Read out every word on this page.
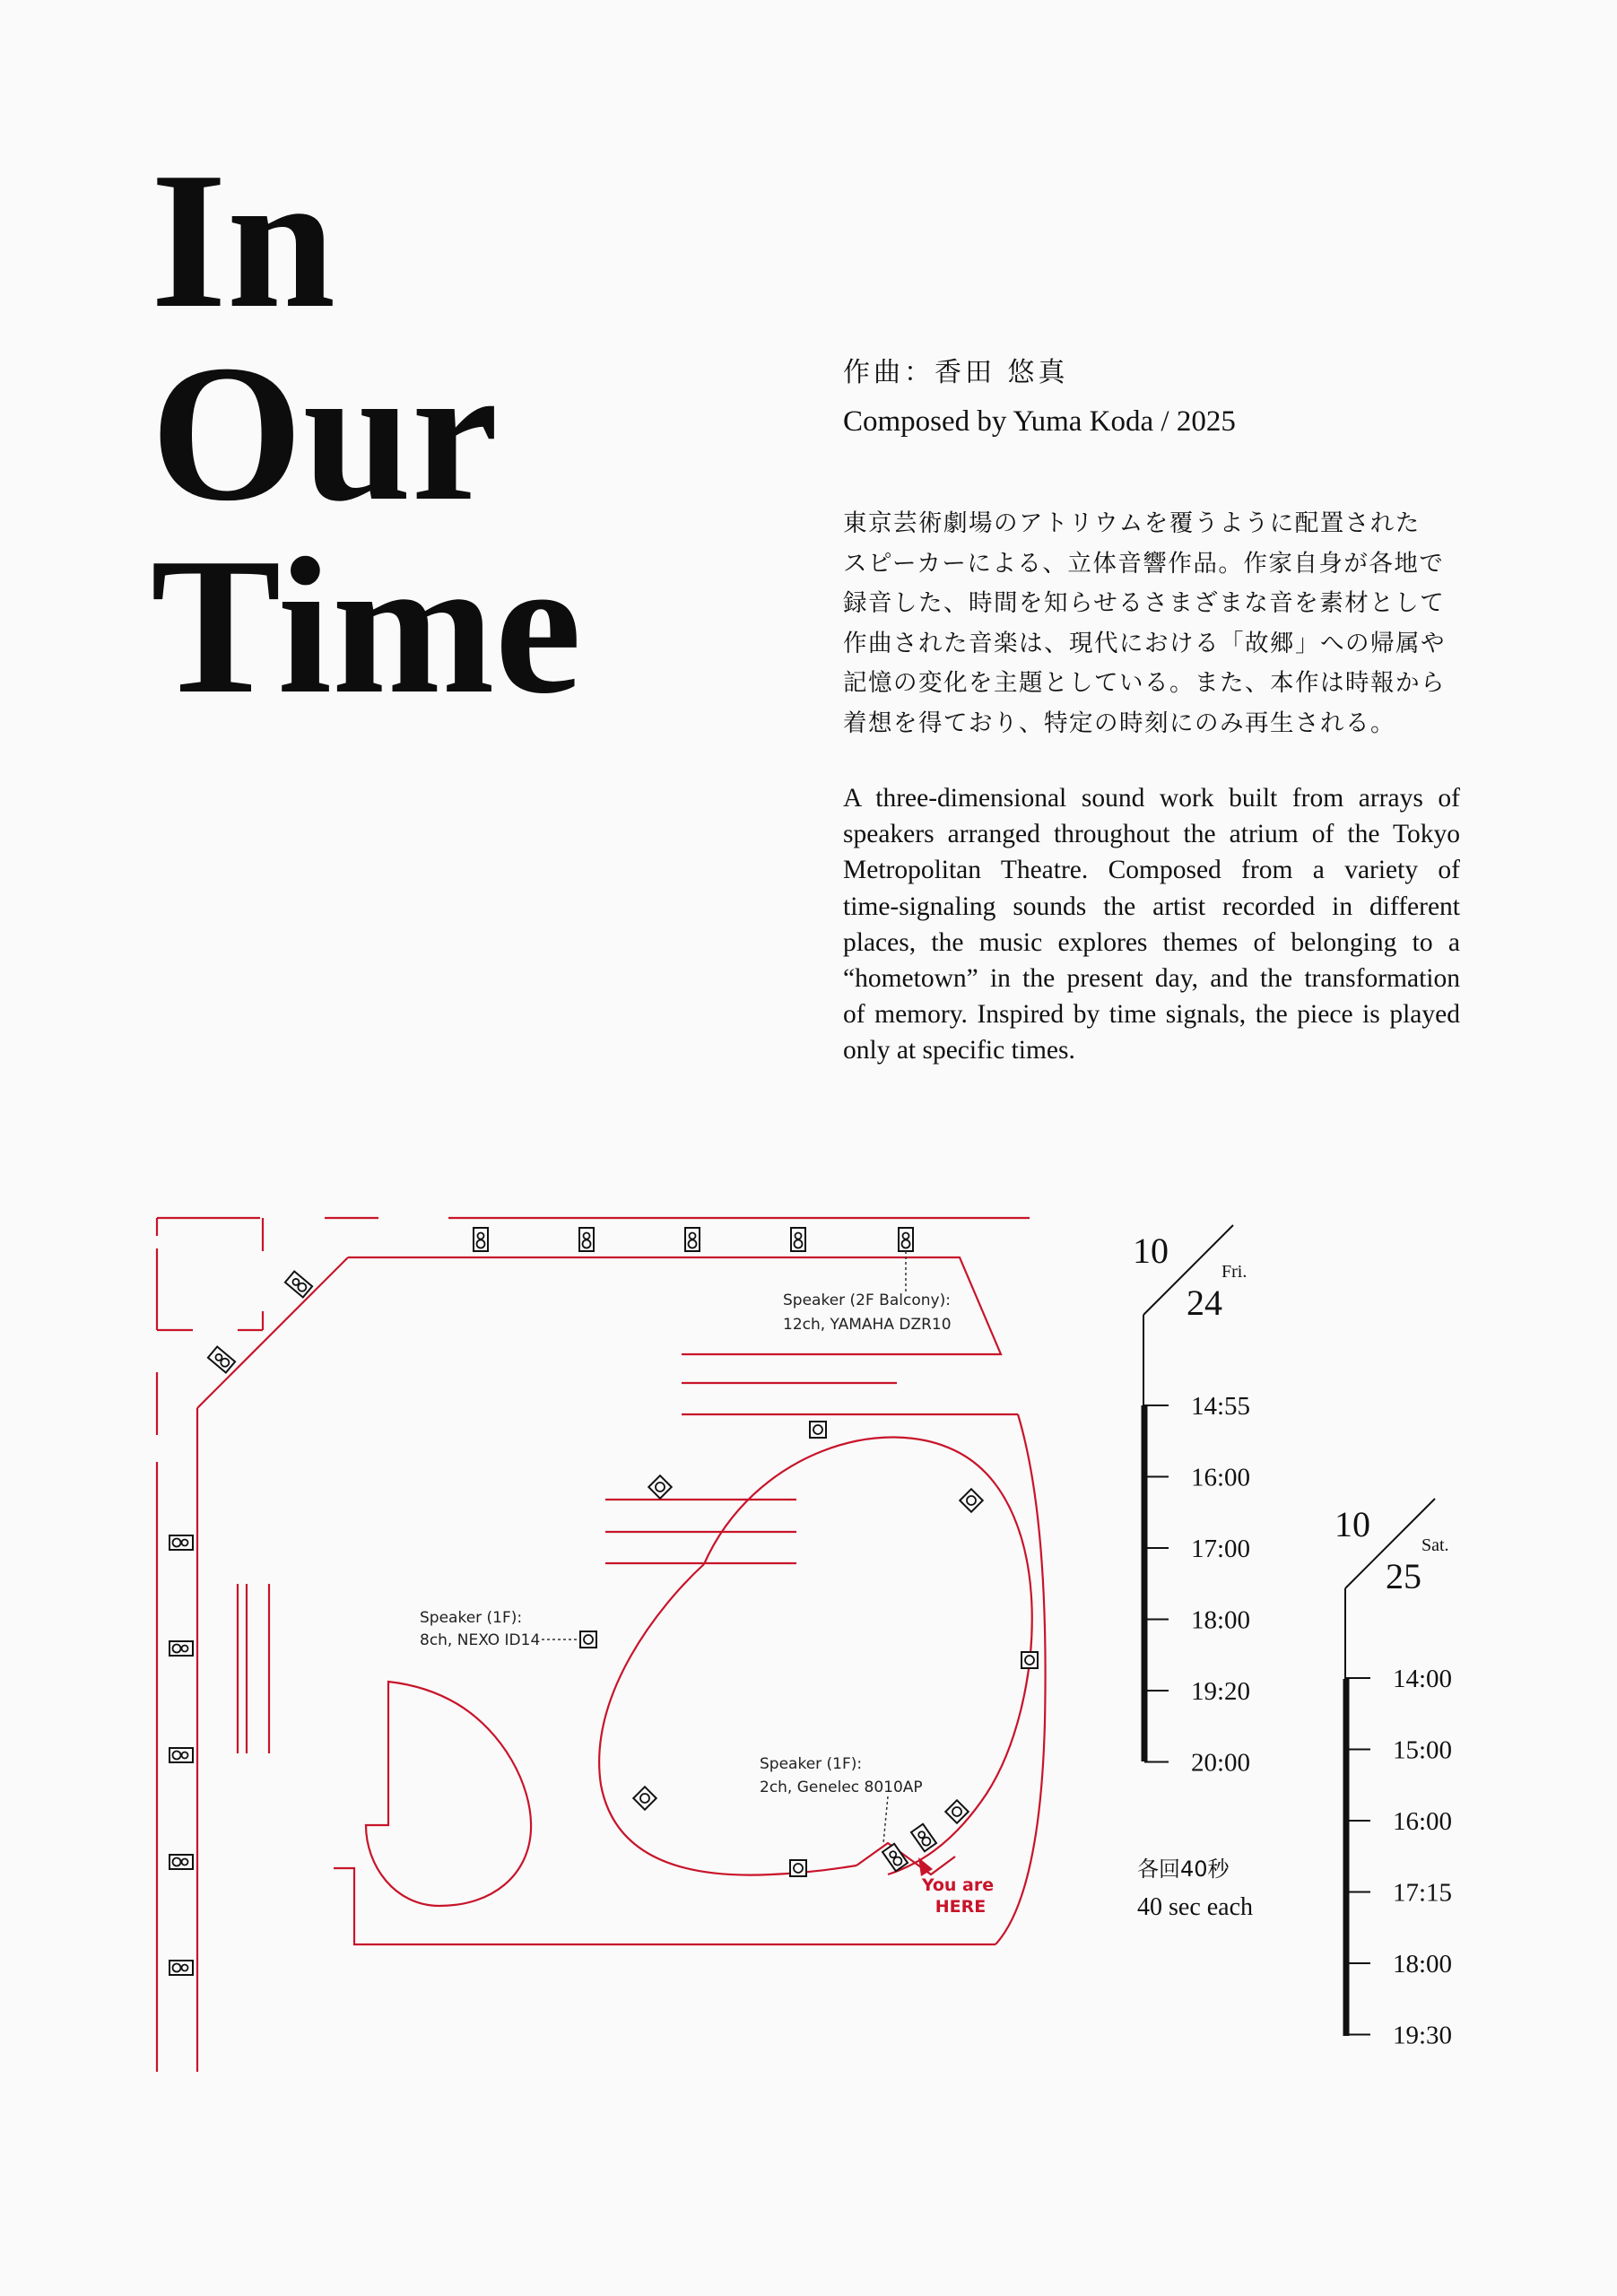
In
Our
Time
作曲：香田 悠真
Composed by Yuma Koda / 2025
東京芸術劇場のアトリウムを覆うように配置された
スピーカーによる、立体音響作品。作家自身が各地で
録音した、時間を知らせるさまざまな音を素材として
作曲された音楽は、現代における「故郷」への帰属や
記憶の変化を主題としている。また、本作は時報から
着想を得ており、特定の時刻にのみ再生される。
A three-dimensional sound work built from arrays of
speakers arranged throughout the atrium of the Tokyo
Metropolitan Theatre. Composed from a variety of
time-signaling sounds the artist recorded in different
places, the music explores themes of belonging to a
“hometown” in the present day, and the transformation
of memory. Inspired by time signals, the piece is played
only at specific times.
Speaker (2F Balcony):
12ch, YAMAHA DZR10
Speaker (1F):
8ch, NEXO ID14
Speaker (1F):
2ch, Genelec 8010AP
You are
HERE
10
Fri.
24
14:55
16:00
17:00
18:00
19:20
20:00
10
Sat.
25
14:00
15:00
16:00
17:15
18:00
19:30
各回40秒
40 sec each
